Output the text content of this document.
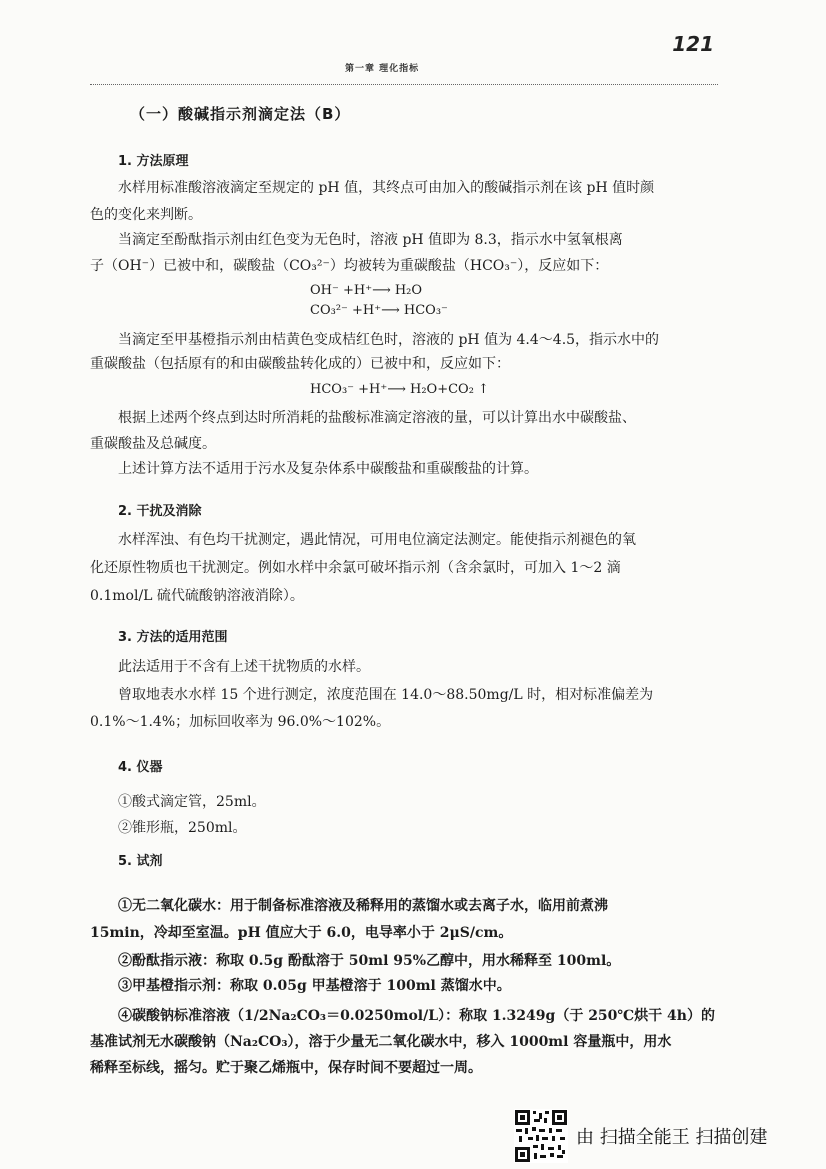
121
第一章 理化指标
（一）酸碱指示剂滴定法（B）
1. 方法原理
水样用标准酸溶液滴定至规定的 pH 值，其终点可由加入的酸碱指示剂在该 pH 值时颜
色的变化来判断。
当滴定至酚酞指示剂由红色变为无色时，溶液 pH 值即为 8.3，指示水中氢氧根离
子（OH⁻）已被中和，碳酸盐（CO₃²⁻）均被转为重碳酸盐（HCO₃⁻），反应如下：
OH⁻ +H⁺⟶ H₂O
CO₃²⁻ +H⁺⟶ HCO₃⁻
当滴定至甲基橙指示剂由桔黄色变成桔红色时，溶液的 pH 值为 4.4～4.5，指示水中的
重碳酸盐（包括原有的和由碳酸盐转化成的）已被中和，反应如下：
HCO₃⁻ +H⁺⟶ H₂O+CO₂ ↑
根据上述两个终点到达时所消耗的盐酸标准滴定溶液的量，可以计算出水中碳酸盐、
重碳酸盐及总碱度。
上述计算方法不适用于污水及复杂体系中碳酸盐和重碳酸盐的计算。
2. 干扰及消除
水样浑浊、有色均干扰测定，遇此情况，可用电位滴定法测定。能使指示剂褪色的氧
化还原性物质也干扰测定。例如水样中余氯可破坏指示剂（含余氯时，可加入 1～2 滴
0.1mol/L 硫代硫酸钠溶液消除）。
3. 方法的适用范围
此法适用于不含有上述干扰物质的水样。
曾取地表水水样 15 个进行测定，浓度范围在 14.0～88.50mg/L 时，相对标准偏差为
0.1%～1.4%；加标回收率为 96.0%～102%。
4. 仪器
①酸式滴定管，25ml。
②锥形瓶，250ml。
5. 试剂
①无二氧化碳水：用于制备标准溶液及稀释用的蒸馏水或去离子水，临用前煮沸
15min，冷却至室温。pH 值应大于 6.0，电导率小于 2μS/cm。
②酚酞指示液：称取 0.5g 酚酞溶于 50ml 95%乙醇中，用水稀释至 100ml。
③甲基橙指示剂：称取 0.05g 甲基橙溶于 100ml 蒸馏水中。
④碳酸钠标准溶液（1/2Na₂CO₃＝0.0250mol/L）：称取 1.3249g（于 250℃烘干 4h）的
基准试剂无水碳酸钠（Na₂CO₃），溶于少量无二氧化碳水中，移入 1000ml 容量瓶中，用水
稀释至标线，摇匀。贮于聚乙烯瓶中，保存时间不要超过一周。
由 扫描全能王 扫描创建
